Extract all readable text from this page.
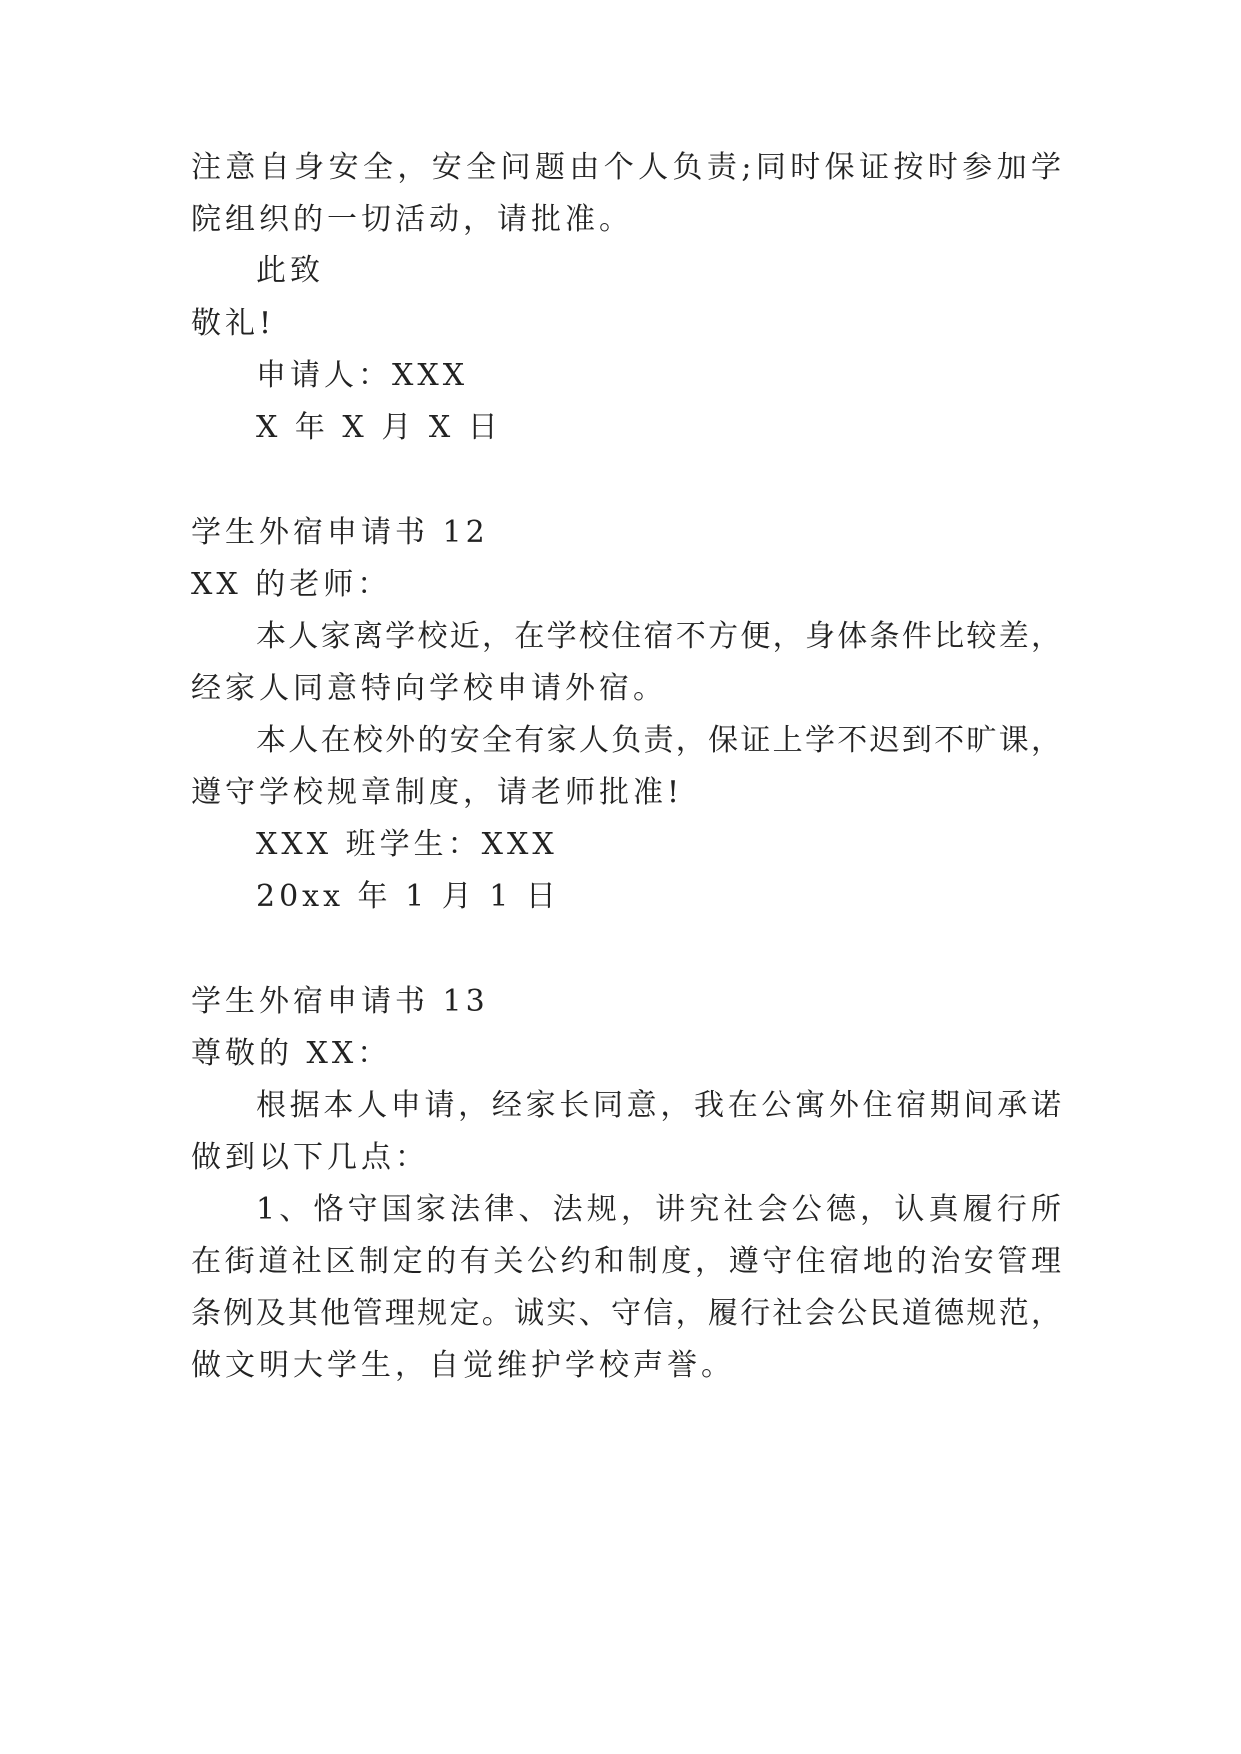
注意自身安全，安全问题由个人负责;同时保证按时参加学
院组织的一切活动，请批准。
此致
敬礼!
申请人：XXX
X 年 X 月 X 日
学生外宿申请书 12
XX 的老师：
本人家离学校近，在学校住宿不方便，身体条件比较差，
经家人同意特向学校申请外宿。
本人在校外的安全有家人负责，保证上学不迟到不旷课，
遵守学校规章制度，请老师批准!
XXX 班学生：XXX
20xx 年 1 月 1 日
学生外宿申请书 13
尊敬的 XX：
根据本人申请，经家长同意，我在公寓外住宿期间承诺
做到以下几点：
1、恪守国家法律、法规，讲究社会公德，认真履行所
在街道社区制定的有关公约和制度，遵守住宿地的治安管理
条例及其他管理规定。诚实、守信，履行社会公民道德规范，
做文明大学生，自觉维护学校声誉。
